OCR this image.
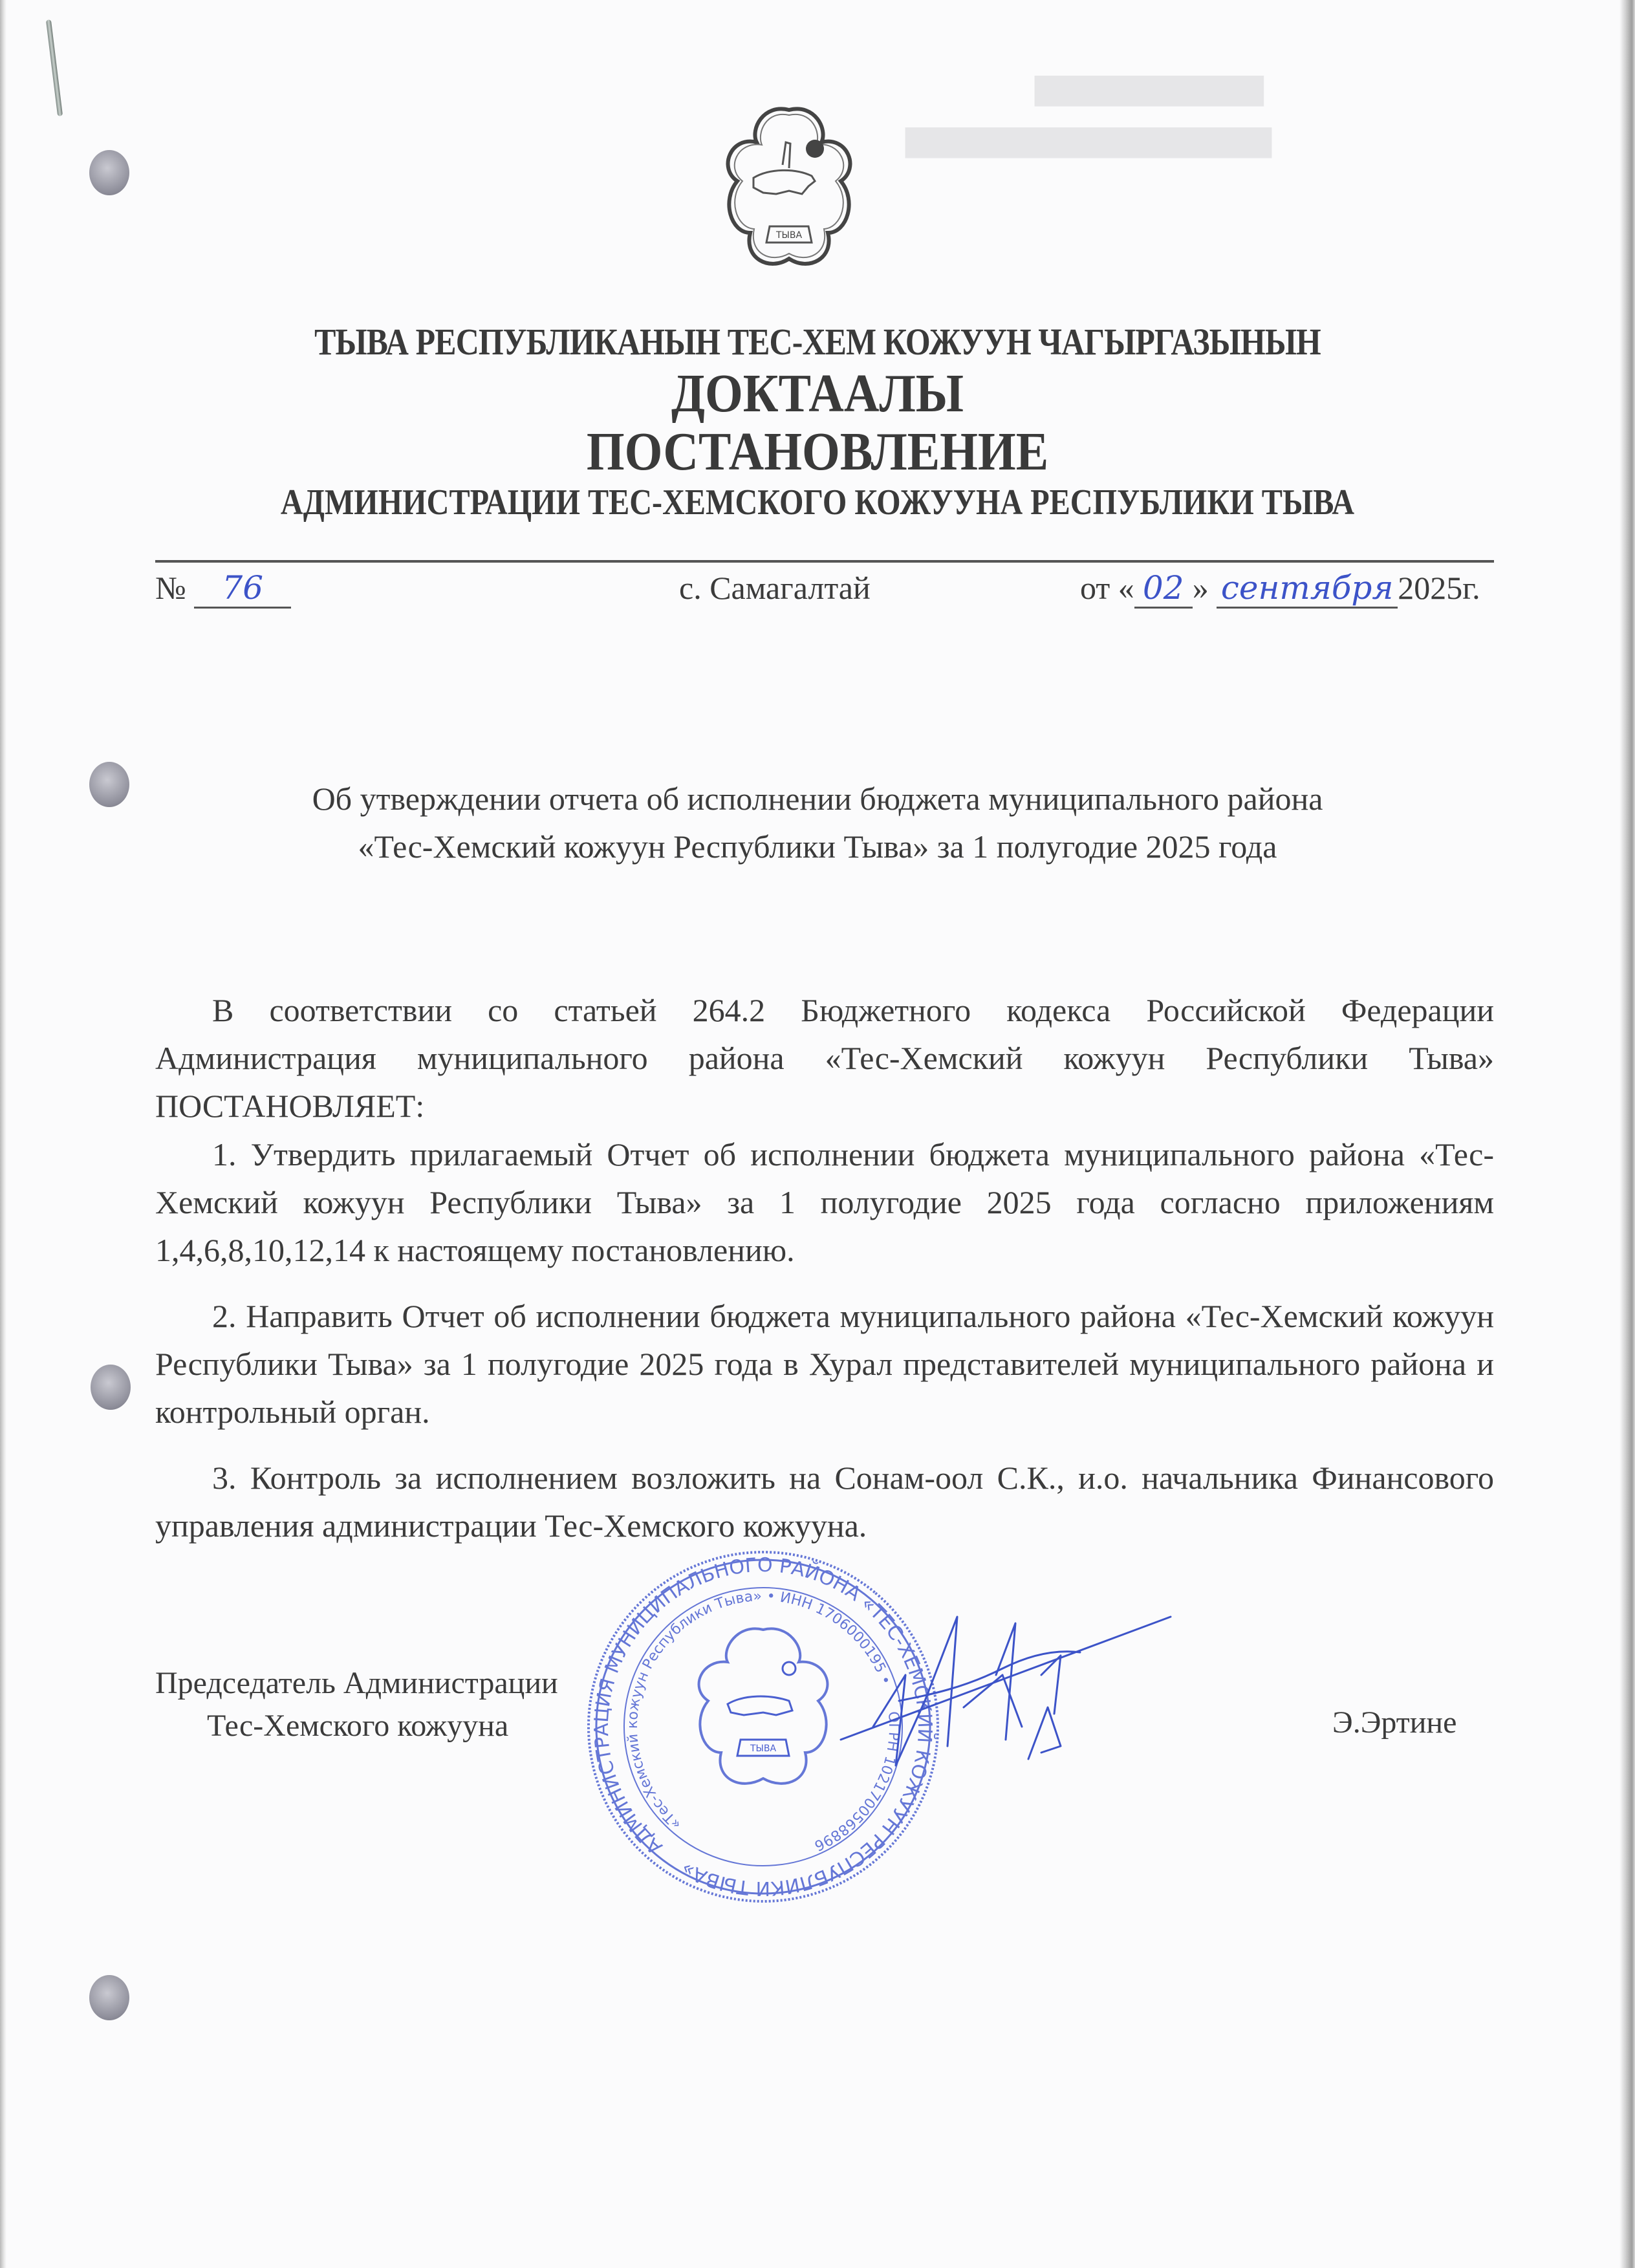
ТЫВА
▇▇▇▇▇▇▇▇▇▇
▇▇▇▇▇▇▇▇▇▇▇▇▇▇▇▇
ТЫВА РЕСПУБЛИКАНЫН ТЕС-ХЕМ КОЖУУН ЧАГЫРГАЗЫНЫН
ДОКТААЛЫ
ПОСТАНОВЛЕНИЕ
АДМИНИСТРАЦИИ ТЕС-ХЕМСКОГО КОЖУУНА РЕСПУБЛИКИ ТЫВА
№ 76	с. Самагалтай	от « 02 » сентября 2025г.
Об утверждении отчета об исполнении бюджета муниципального района
«Тес-Хемский кожуун Республики Тыва» за 1 полугодие 2025 года

В соответствии со статьей 264.2 Бюджетного кодекса Российской Федерации Администрация муниципального района «Тес-Хемский кожуун Республики Тыва» ПОСТАНОВЛЯЕТ:

1. Утвердить прилагаемый Отчет об исполнении бюджета муниципального района «Тес-Хемский кожуун Республики Тыва» за 1 полугодие 2025 года согласно приложениям 1,4,6,8,10,12,14 к настоящему постановлению.

2. Направить Отчет об исполнении бюджета муниципального района «Тес-Хемский кожуун Республики Тыва» за 1 полугодие 2025 года в Хурал представителей муниципального района и контрольный орган.

3. Контроль за исполнением возложить на Сонам-оол С.К., и.о. начальника Финансового управления администрации Тес-Хемского кожууна.

АДМИНИСТРАЦИЯ МУНИЦИПАЛЬНОГО РАЙОНА «ТЕС-ХЕМСКИЙ КОЖУУН РЕСПУБЛИКИ ТЫВА»
«Тес-Хемский кожуун Республики Тыва» • ИНН 1706000195 •
ОГРН 1021700568896
ТЫВА
Председатель Администрации
Тес-Хемского кожууна	Э.Эртине
